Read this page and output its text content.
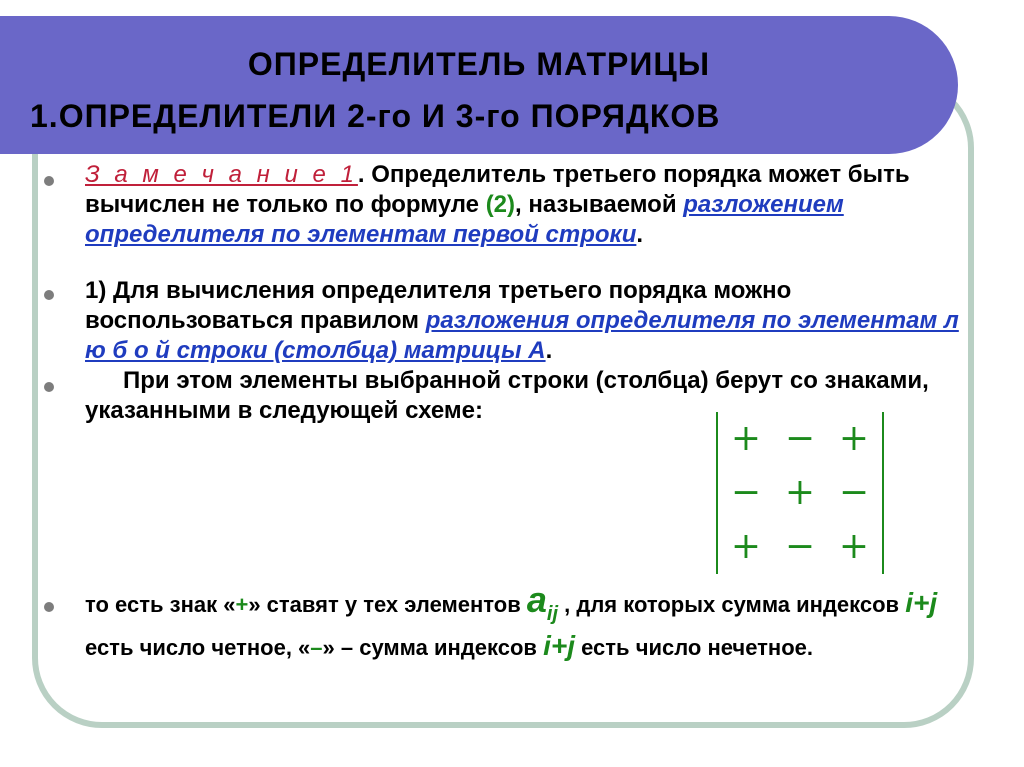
ОПРЕДЕЛИТЕЛЬ МАТРИЦЫ
1.ОПРЕДЕЛИТЕЛИ 2-го И 3-го ПОРЯДКОВ
З а м е ч а н и е 1. Определитель третьего порядка может быть вычислен не только по формуле (2), называемой разложением определителя по элементам первой строки.
1) Для вычисления определителя третьего порядка можно воспользоваться правилом разложения определителя по элементам л ю б о й строки (столбца) матрицы А.
При этом элементы выбранной строки (столбца) берут со знаками, указанными в следующей схеме:
+ − +
− + −
+ − +
то есть знак «+» ставят у тех элементов aij , для которых сумма индексов i+j есть число четное, «–» – сумма индексов i+j есть число нечетное.
